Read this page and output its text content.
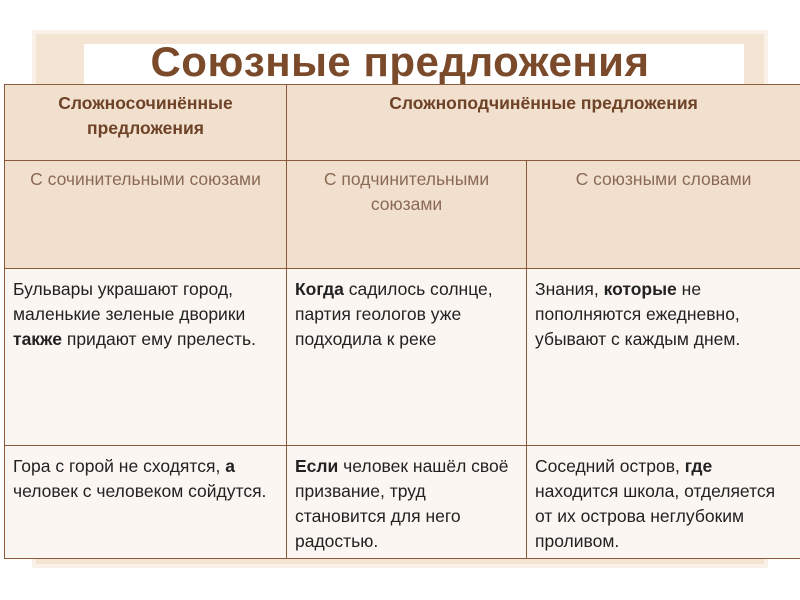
Союзные предложения
Сложносочинённые предложения	Сложноподчинённые предложения	
С сочинительными союзами	С подчинительными союзами	С союзными словами
Бульвары украшают город, маленькие зеленые дворики также придают ему прелесть.	Когда садилось солнце, партия геологов уже подходила к реке	Знания, которые не пополняются ежедневно, убывают с каждым днем.
Гора с горой не сходятся, а человек с человеком сойдутся.	Если человек нашёл своё призвание, труд становится для него радостью.	Соседний остров, где находится школа, отделяется от их острова неглубоким проливом.
